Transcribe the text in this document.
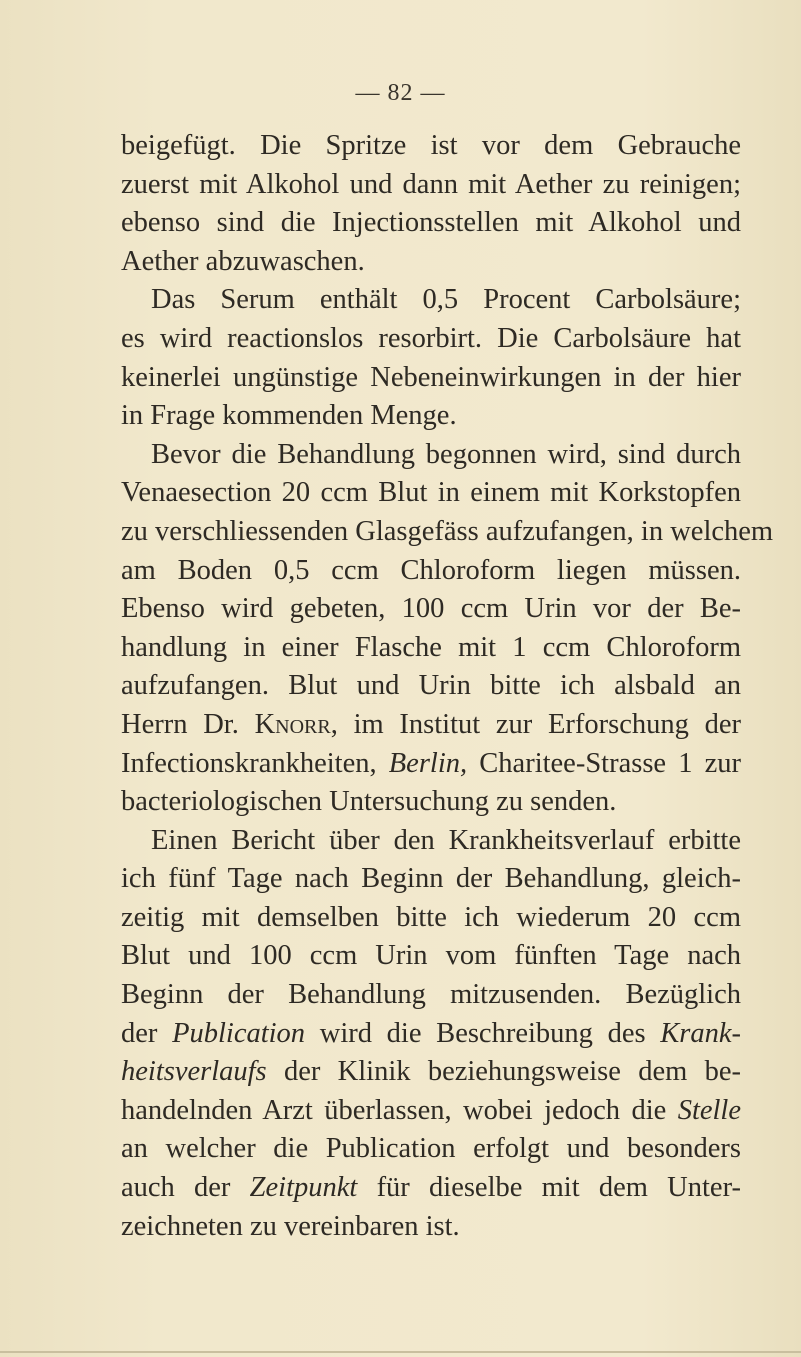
— 82 —
beigefügt. Die Spritze ist vor dem Gebrauche
zuerst mit Alkohol und dann mit Aether zu reinigen;
ebenso sind die Injectionsstellen mit Alkohol und
Aether abzuwaschen.
Das Serum enthält 0,5 Procent Carbolsäure;
es wird reactionslos resorbirt. Die Carbolsäure hat
keinerlei ungünstige Nebeneinwirkungen in der hier
in Frage kommenden Menge.
Bevor die Behandlung begonnen wird, sind durch
Venaesection 20 ccm Blut in einem mit Korkstopfen
zu verschliessenden Glasgefäss aufzufangen, in welchem
am Boden 0,5 ccm Chloroform liegen müssen.
Ebenso wird gebeten, 100 ccm Urin vor der Be-
handlung in einer Flasche mit 1 ccm Chloroform
aufzufangen. Blut und Urin bitte ich alsbald an
Herrn Dr. Knorr, im Institut zur Erforschung der
Infectionskrankheiten, Berlin, Charitee-Strasse 1 zur
bacteriologischen Untersuchung zu senden.
Einen Bericht über den Krankheitsverlauf erbitte
ich fünf Tage nach Beginn der Behandlung, gleich-
zeitig mit demselben bitte ich wiederum 20 ccm
Blut und 100 ccm Urin vom fünften Tage nach
Beginn der Behandlung mitzusenden. Bezüglich
der Publication wird die Beschreibung des Krank-
heitsverlaufs der Klinik beziehungsweise dem be-
handelnden Arzt überlassen, wobei jedoch die Stelle
an welcher die Publication erfolgt und besonders
auch der Zeitpunkt für dieselbe mit dem Unter-
zeichneten zu vereinbaren ist.
